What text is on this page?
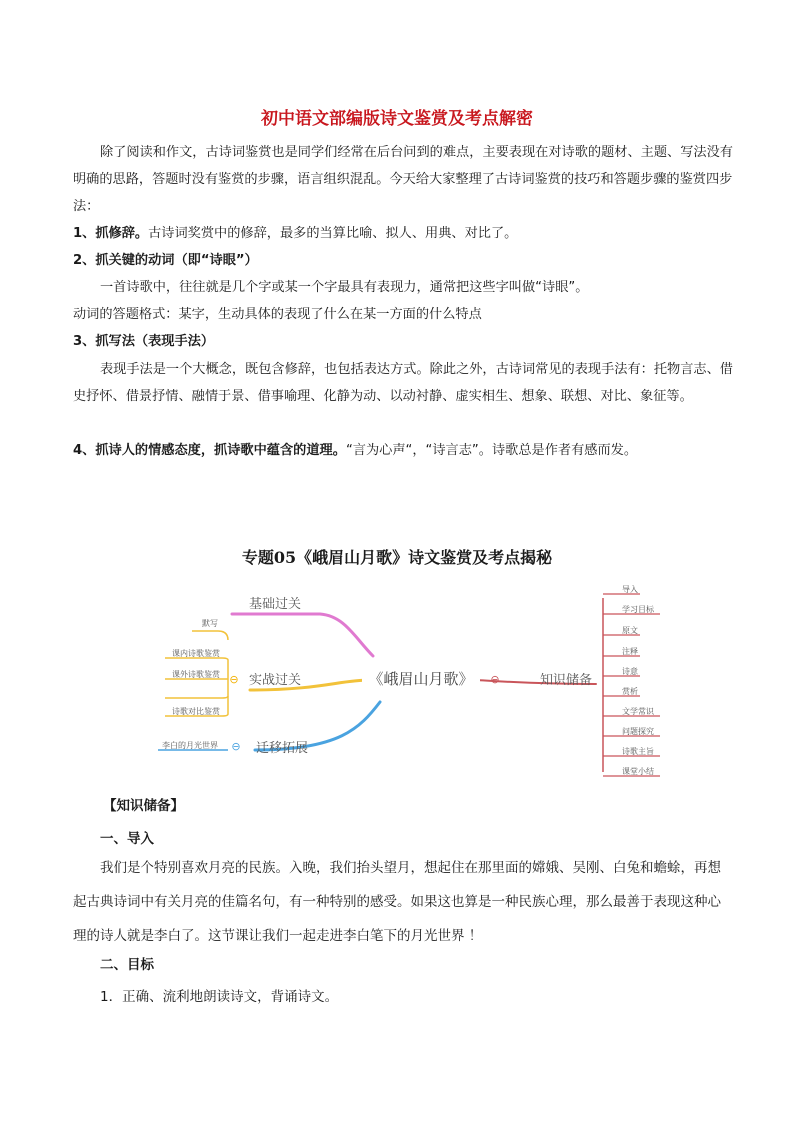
初中语文部编版诗文鉴赏及考点解密
除了阅读和作文，古诗词鉴赏也是同学们经常在后台问到的难点，主要表现在对诗歌的题材、主题、写法没有明确的思路，答题时没有鉴赏的步骤，语言组织混乱。今天给大家整理了古诗词鉴赏的技巧和答题步骤的鉴赏四步法：
1、抓修辞。古诗词奖赏中的修辞，最多的当算比喻、拟人、用典、对比了。
2、抓关键的动词（即“诗眼”）
一首诗歌中，往往就是几个字或某一个字最具有表现力，通常把这些字叫做“诗眼”。
动词的答题格式：某字，生动具体的表现了什么在某一方面的什么特点
3、抓写法（表现手法）
表现手法是一个大概念，既包含修辞，也包括表达方式。除此之外，古诗词常见的表现手法有：托物言志、借史抒怀、借景抒情、融情于景、借事喻理、化静为动、以动衬静、虚实相生、想象、联想、对比、象征等。
4、抓诗人的情感态度，抓诗歌中蕴含的道理。“言为心声“，“诗言志”。诗歌总是作者有感而发。
专题05《峨眉山月歌》诗文鉴赏及考点揭秘
《峨眉山月歌》
基础过关
实战过关
⊖
默写
课内诗歌鉴赏
课外诗歌鉴赏
诗歌对比鉴赏
迁移拓展
⊖
李白的月光世界
⊖	知识储备
导入
学习目标
原文
注释
诗意
赏析
文学常识
问题探究
诗歌主旨
课堂小结
【知识储备】
一、导入
我们是个特别喜欢月亮的民族。入晚，我们抬头望月，想起住在那里面的嫦娥、吴刚、白兔和蟾蜍，再想起古典诗词中有关月亮的佳篇名句，有一种特别的感受。如果这也算是一种民族心理，那么最善于表现这种心理的诗人就是李白了。这节课让我们一起走进李白笔下的月光世界 ！
二、目标
1．正确、流利地朗读诗文，背诵诗文。
